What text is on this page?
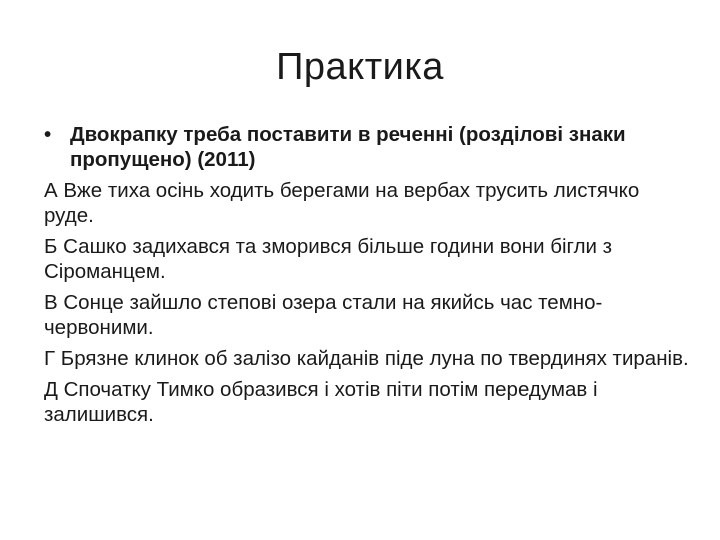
Практика
• Двокрапку треба поставити в реченні (розділові знаки пропущено) (2011)
А Вже тиха осінь ходить берегами на вербах трусить листячко руде.
Б Сашко задихався та зморився більше години вони бігли з Сіроманцем.
В Сонце зайшло степові озера стали на якийсь час темно-червоними.
Г Брязне клинок об залізо кайданів піде луна по твердинях тиранів.
Д Спочатку Тимко образився і хотів піти потім передумав і залишився.
